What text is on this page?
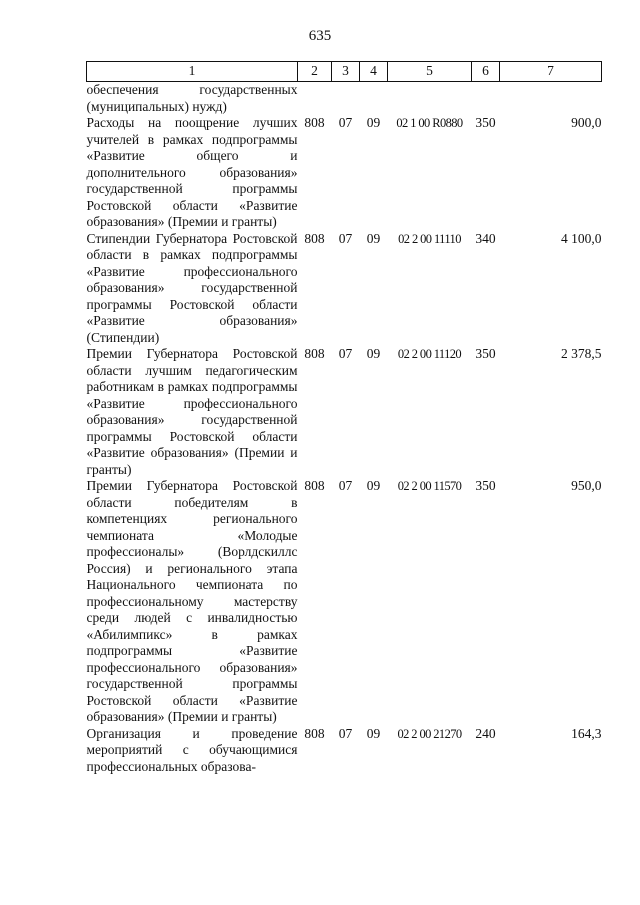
635
1	2	3	4	5	6	7
обеспечения государственных (муниципальных) нужд)						
Расходы на поощрение лучших учителей в рамках подпрограммы «Развитие общего и дополнительного образования» государственной программы Ростовской области «Развитие образования» (Премии и гранты)	808	07	09	02 1 00 R0880	350	900,0
Стипендии Губернатора Ростовской области в рамках подпрограммы «Развитие профессионального образования» государственной программы Ростовской области «Развитие образования» (Стипендии)	808	07	09	02 2 00 11110	340	4 100,0
Премии Губернатора Ростовской области лучшим педагогическим работникам в рамках подпрограммы «Развитие профессионального образования» государственной программы Ростовской области «Развитие образования» (Премии и гранты)	808	07	09	02 2 00 11120	350	2 378,5
Премии Губернатора Ростовской области победителям в компетенциях регионального чемпионата «Молодые профессионалы» (Ворлдскиллс Россия) и регионального этапа Национального чемпионата по профессиональному мастерству среди людей с инвалидностью «Абилимпикс» в рамках подпрограммы «Развитие профессионального образования» государственной программы Ростовской области «Развитие образования» (Премии и гранты)	808	07	09	02 2 00 11570	350	950,0
Организация и проведение мероприятий с обучающимися профессиональных образова-	808	07	09	02 2 00 21270	240	164,3
